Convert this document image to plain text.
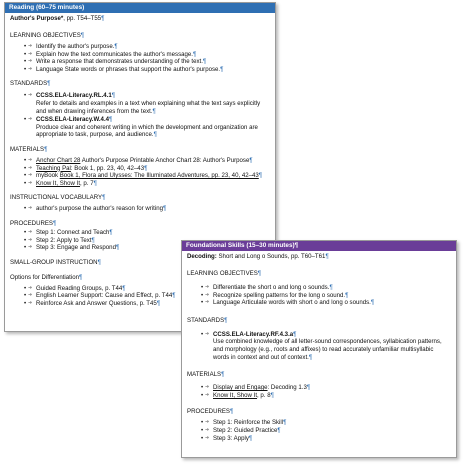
Reading (60–75 minutes)¶
Author's Purpose*, pp. T54–T55¶
LEARNING OBJECTIVES¶
• ➜ Identify the author's purpose.¶
• ➜ Explain how the text communicates the author's message.¶
• ➜ Write a response that demonstrates understanding of the text.¶
• ➜ Language State words or phrases that support the author's purpose.¶
STANDARDS¶
• ➜ CCSS.ELA-Literacy.RL.4.1¶
Refer to details and examples in a text when explaining what the text says explicitly and when drawing inferences from the text.¶
• ➜ CCSS.ELA-Literacy.W.4.4¶
Produce clear and coherent writing in which the development and organization are appropriate to task, purpose, and audience.¶
MATERIALS¶
• ➜ Anchor Chart 28 Author's Purpose Printable Anchor Chart 28: Author's Purpose¶
• ➜ Teaching Pal: Book 1, pp. 23, 40, 42–43¶
• ➜ myBook Book 1, Flora and Ulysses: The Illuminated Adventures, pp. 23, 40, 42–43¶
• ➜ Know It, Show It, p. 7¶
INSTRUCTIONAL VOCABULARY¶
• ➜ author's purpose the author's reason for writing¶
PROCEDURES¶
• ➜ Step 1: Connect and Teach¶
• ➜ Step 2: Apply to Text¶
• ➜ Step 3: Engage and Respond¶
SMALL-GROUP INSTRUCTION¶
Options for Differentiation¶
• ➜ Guided Reading Groups, p. T44¶
• ➜ English Learner Support: Cause and Effect, p. T44¶
• ➜ Reinforce Ask and Answer Questions, p. T45¶
Foundational Skills (15–30 minutes)¶
Decoding: Short and Long o Sounds, pp. T60–T61¶
LEARNING OBJECTIVES¶
• ➜ Differentiate the short o and long o sounds.¶
• ➜ Recognize spelling patterns for the long o sound.¶
• ➜ Language Articulate words with short o and long o sounds.¶
STANDARDS¶
• ➜ CCSS.ELA-Literacy.RF.4.3.a¶
Use combined knowledge of all letter-sound correspondences, syllabication patterns, and morphology (e.g., roots and affixes) to read accurately unfamiliar multisyllabic words in context and out of context.¶
MATERIALS¶
• ➜ Display and Engage: Decoding 1.3¶
• ➜ Know It, Show It, p. 8¶
PROCEDURES¶
• ➜ Step 1: Reinforce the Skill¶
• ➜ Step 2: Guided Practice¶
• ➜ Step 3: Apply¶
